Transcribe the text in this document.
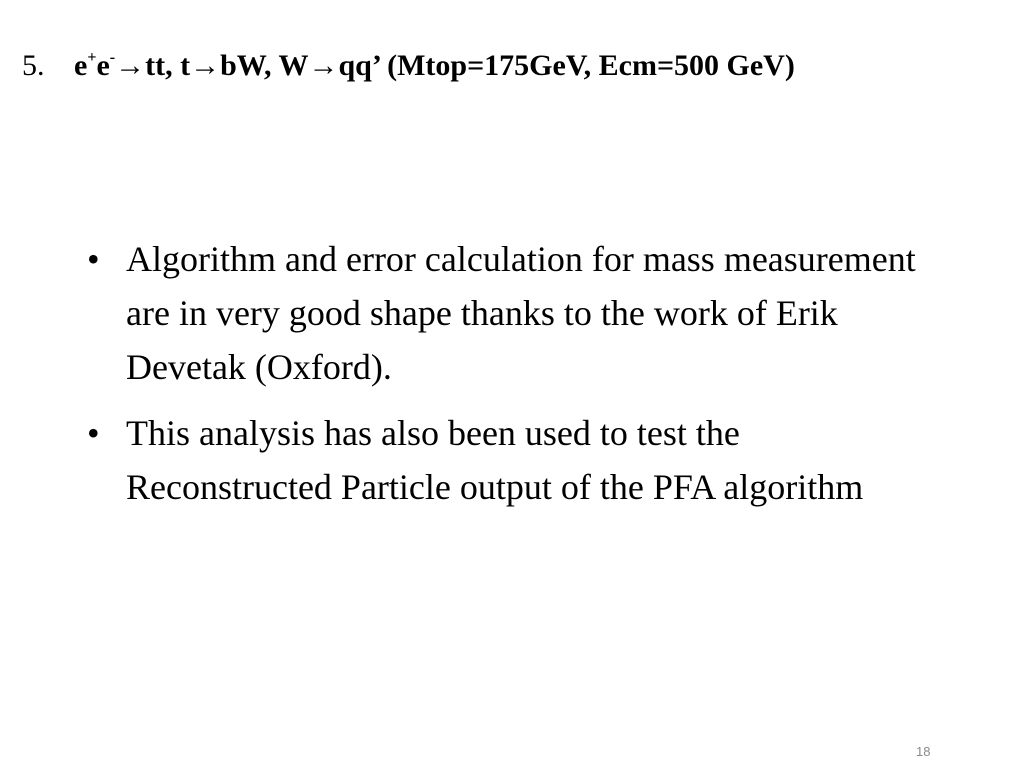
5. e+e-→tt, t→bW, W→qq’ (Mtop=175GeV, Ecm=500 GeV)
• Algorithm and error calculation for mass measurement are in very good shape thanks to the work of Erik Devetak (Oxford).
• This analysis has also been used to test the Reconstructed Particle output of the PFA algorithm
18
